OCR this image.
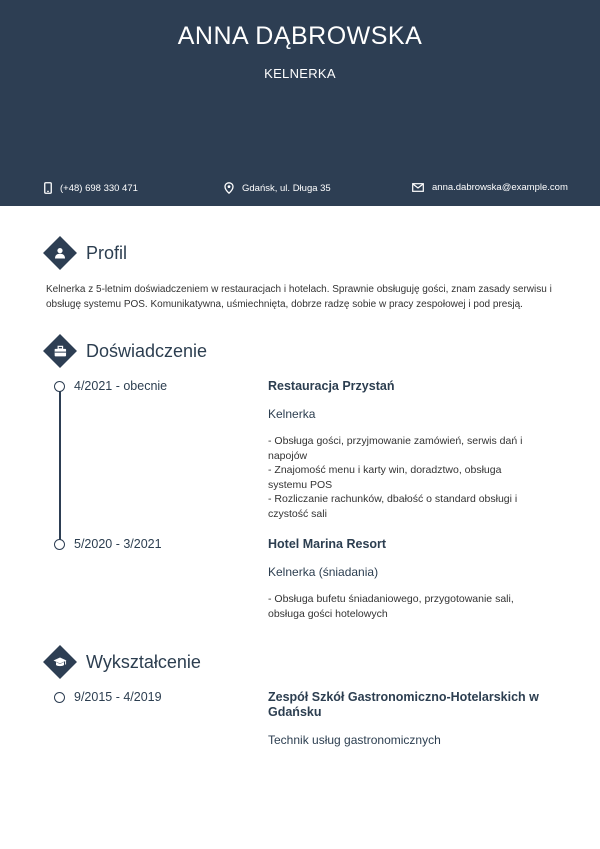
ANNA DĄBROWSKA
KELNERKA
(+48) 698 330 471	Gdańsk, ul. Długa 35	anna.dabrowska@example.com
Profil
Kelnerka z 5-letnim doświadczeniem w restauracjach i hotelach. Sprawnie obsługuję gości, znam zasady serwisu i obsługę systemu POS. Komunikatywna, uśmiechnięta, dobrze radzę sobie w pracy zespołowej i pod presją.
Doświadczenie
4/2021 - obecnie	Restauracja Przystań
Kelnerka
- Obsługa gości, przyjmowanie zamówień, serwis dań i napojów
- Znajomość menu i karty win, doradztwo, obsługa systemu POS
- Rozliczanie rachunków, dbałość o standard obsługi i czystość sali
5/2020 - 3/2021	Hotel Marina Resort
Kelnerka (śniadania)
- Obsługa bufetu śniadaniowego, przygotowanie sali, obsługa gości hotelowych
Wykształcenie
9/2015 - 4/2019	Zespół Szkół Gastronomiczno-Hotelarskich w Gdańsku
Technik usług gastronomicznych
